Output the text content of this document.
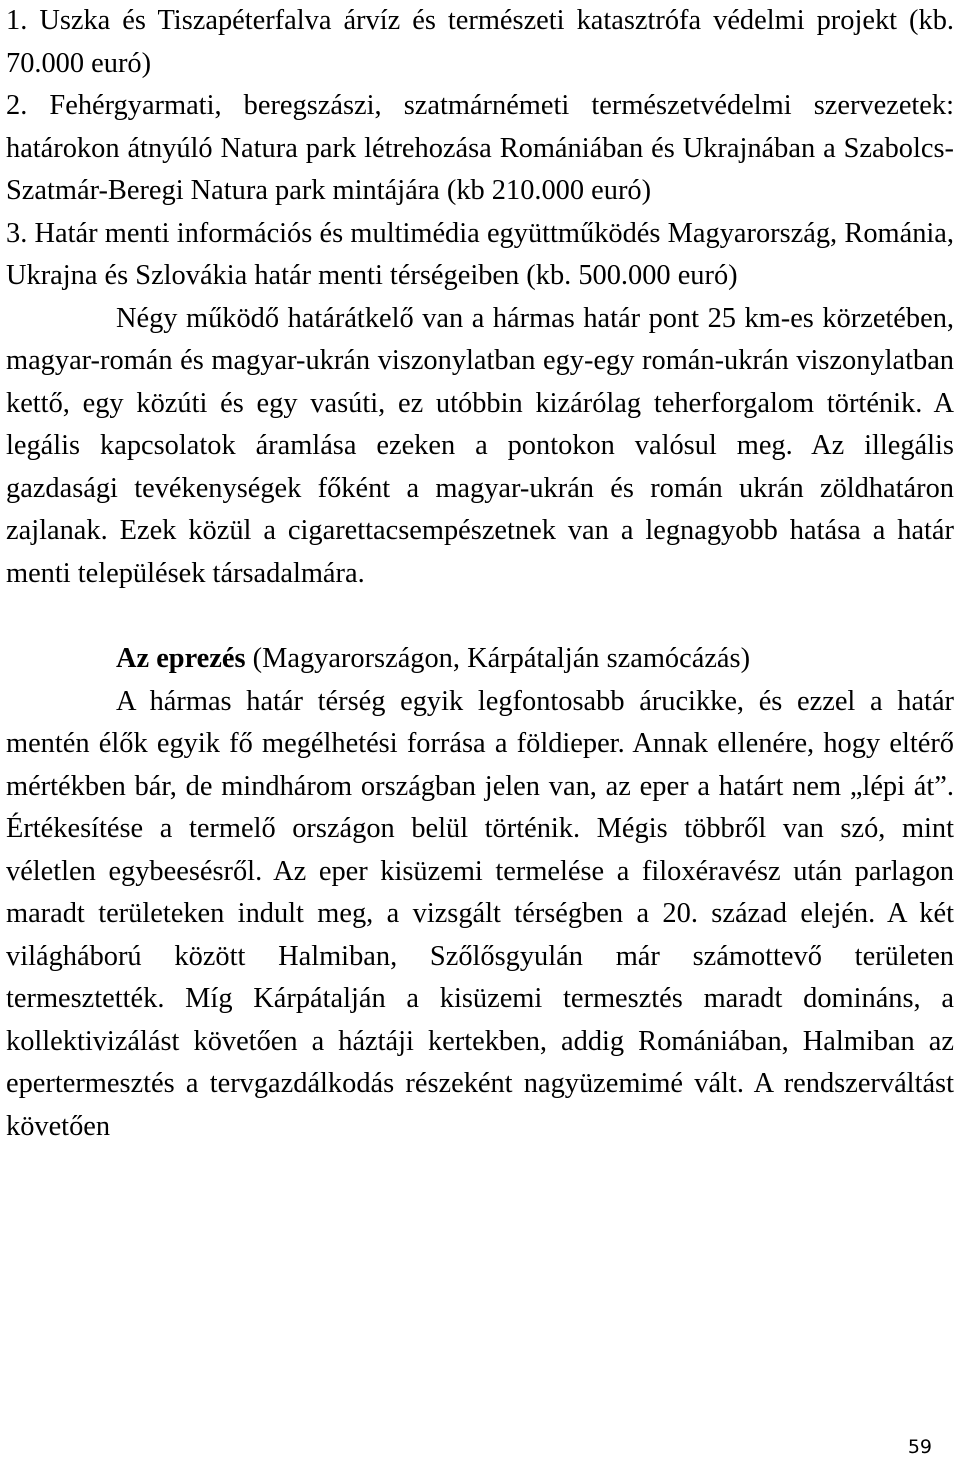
1. Uszka és Tiszapéterfalva árvíz és természeti katasztrófa védelmi projekt (kb. 70.000 euró)

2. Fehérgyarmati, beregszászi, szatmárnémeti természetvédelmi szervezetek: határokon átnyúló Natura park létrehozása Romániában és Ukrajnában a Szabolcs-Szatmár-Beregi Natura park mintájára (kb 210.000 euró)

3. Határ menti információs és multimédia együttműködés Magyarország, Románia, Ukrajna és Szlovákia határ menti térségeiben (kb. 500.000 euró)

Négy működő határátkelő van a hármas határ pont 25 km-es körzetében, magyar-román és magyar-ukrán viszonylatban egy-egy román-ukrán viszonylatban kettő, egy közúti és egy vasúti, ez utóbbin kizárólag teherforgalom történik. A legális kapcsolatok áramlása ezeken a pontokon valósul meg. Az illegális gazdasági tevékenységek főként a magyar-ukrán és román ukrán zöldhatáron zajlanak. Ezek közül a cigarettacsempészetnek van a legnagyobb hatása a határ menti települések társadalmára.

Az eprezés (Magyarországon, Kárpátalján szamócázás)

A hármas határ térség egyik legfontosabb árucikke, és ezzel a határ mentén élők egyik fő megélhetési forrása a földieper. Annak ellenére, hogy eltérő mértékben bár, de mindhárom országban jelen van, az eper a határt nem „lépi át”. Értékesítése a termelő országon belül történik. Mégis többről van szó, mint véletlen egybeesésről. Az eper kisüzemi termelése a filoxéravész után parlagon maradt területeken indult meg, a vizsgált térségben a 20. század elején. A két világháború között Halmiban, Szőlősgyulán már számottevő területen termesztették. Míg Kárpátalján a kisüzemi termesztés maradt domináns, a kollektivizálást követően a háztáji kertekben, addig Romániában, Halmiban az epertermesztés a tervgazdálkodás részeként nagyüzemimé vált. A rendszerváltást követően

59
